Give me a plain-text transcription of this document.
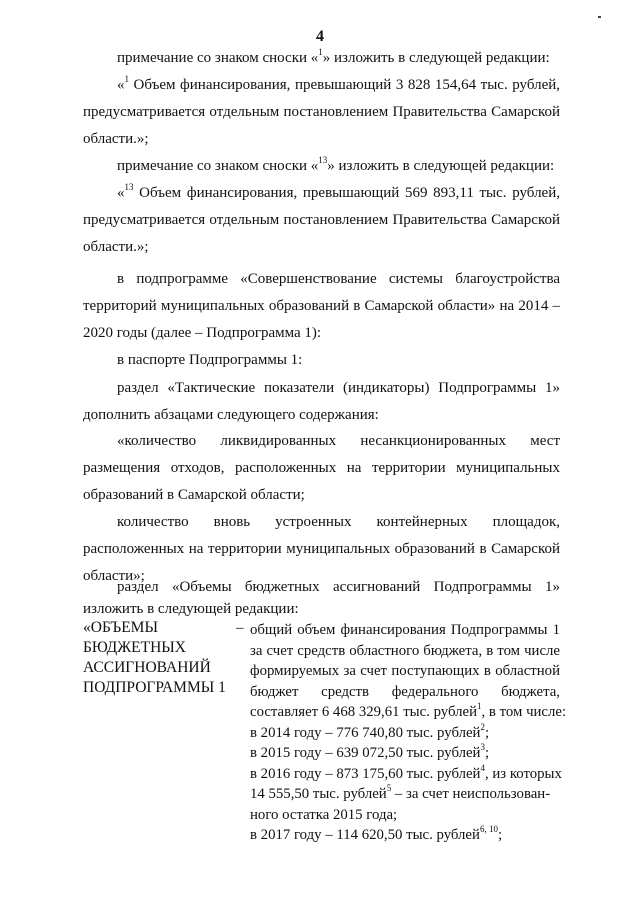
4
примечание со знаком сноски «$^1$» изложить в следующей редакции:
«$^1$ Объем финансирования, превышающий 3 828 154,64 тыс. рублей,
предусматривается отдельным постановлением Правительства Самарской
области.»;
примечание со знаком сноски «$^{13}$» изложить в следующей редакции:
«$^{13}$ Объем финансирования, превышающий 569 893,11 тыс. рублей,
предусматривается отдельным постановлением Правительства Самарской
области.»;
в подпрограмме «Совершенствование системы благоустройства
территорий муниципальных образований в Самарской области» на 2014 –
2020 годы (далее – Подпрограмма 1):
в паспорте Подпрограммы 1:
раздел «Тактические показатели (индикаторы) Подпрограммы 1»
дополнить абзацами следующего содержания:
«количество ликвидированных несанкционированных мест
размещения отходов, расположенных на территории муниципальных
образований в Самарской области;
количество вновь устроенных контейнерных площадок,
расположенных на территории муниципальных образований в Самарской
области»;
раздел «Объемы бюджетных ассигнований Подпрограммы 1»
изложить в следующей редакции:
«ОБЪЕМЫ
БЮДЖЕТНЫХ
АССИГНОВАНИЙ
ПОДПРОГРАММЫ 1
– общий объем финансирования Подпрограммы 1
за счет средств областного бюджета, в том числе
формируемых за счет поступающих в областной
бюджет средств федерального бюджета,
составляет 6 468 329,61 тыс. рублей$^1$, в том числе:
в 2014 году – 776 740,80 тыс. рублей$^2$;
в 2015 году – 639 072,50 тыс. рублей$^3$;
в 2016 году – 873 175,60 тыс. рублей$^4$, из которых
14 555,50 тыс. рублей$^5$ – за счет неиспользован-
ного остатка 2015 года;
в 2017 году – 114 620,50 тыс. рублей$^{6, 10}$;
